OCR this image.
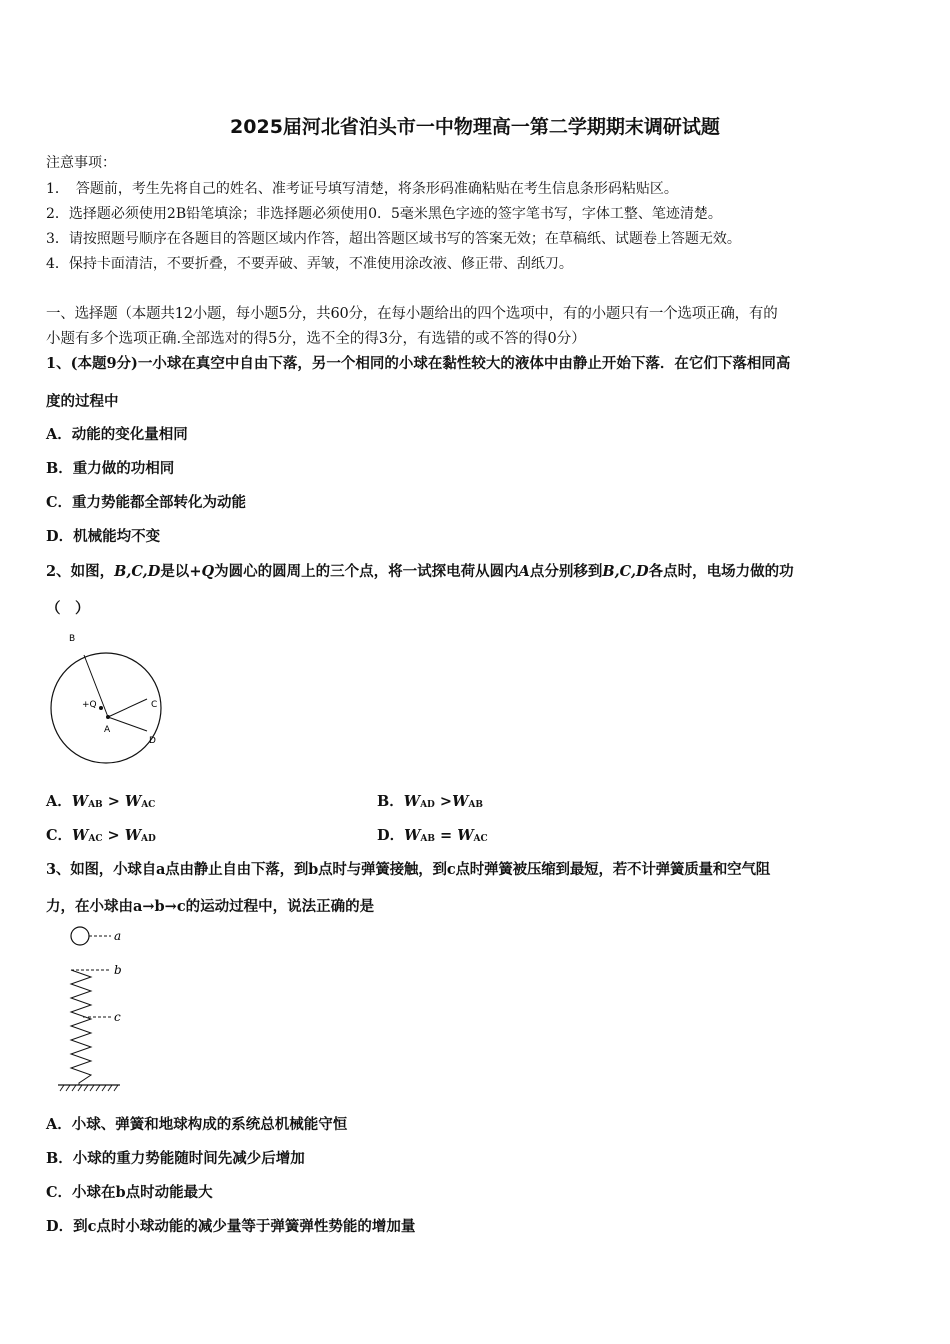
2025届河北省泊头市一中物理高一第二学期期末调研试题
注意事项：
1．　答题前，考生先将自己的姓名、准考证号填写清楚，将条形码准确粘贴在考生信息条形码粘贴区。
2．选择题必须使用2B铅笔填涂；非选择题必须使用0．5毫米黑色字迹的签字笔书写，字体工整、笔迹清楚。
3．请按照题号顺序在各题目的答题区域内作答，超出答题区域书写的答案无效；在草稿纸、试题卷上答题无效。
4．保持卡面清洁，不要折叠，不要弄破、弄皱，不准使用涂改液、修正带、刮纸刀。
一、选择题（本题共12小题，每小题5分，共60分，在每小题给出的四个选项中，有的小题只有一个选项正确，有的
小题有多个选项正确.全部选对的得5分，选不全的得3分，有选错的或不答的得0分）
1、(本题9分)一小球在真空中自由下落，另一个相同的小球在黏性较大的液体中由静止开始下落．在它们下落相同高
度的过程中
A．动能的变化量相同
B．重力做的功相同
C．重力势能都全部转化为动能
D．机械能均不变
2、如图，B,C,D是以+Q为圆心的圆周上的三个点，将一试探电荷从圆内A点分别移到B,C,D各点时，电场力做的功
（　）
B
C
D
A
+Q
A．$W_{AB} > W_{AC}$	B．$W_{AD} >W_{AB}$
C．$W_{AC} > W_{AD}$	D．$W_{AB} = W_{AC}$
3、如图，小球自a点由静止自由下落，到b点时与弹簧接触，到c点时弹簧被压缩到最短，若不计弹簧质量和空气阻
力，在小球由a→b→c的运动过程中，说法正确的是
a
b
c
A．小球、弹簧和地球构成的系统总机械能守恒
B．小球的重力势能随时间先减少后增加
C．小球在b点时动能最大
D．到c点时小球动能的减少量等于弹簧弹性势能的增加量
